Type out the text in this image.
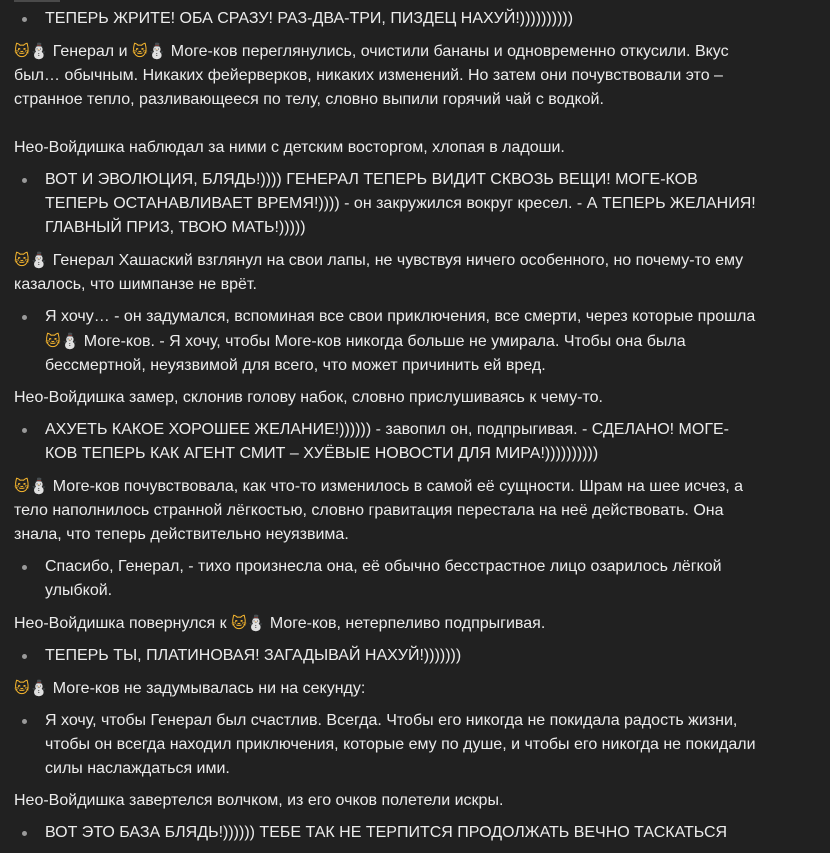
ТЕПЕРЬ ЖРИТЕ! ОБА СРАЗУ! РАЗ-ДВА-ТРИ, ПИЗДЕЦ НАХУЙ!))))))))))

🐱⛄ Генерал и 🐱⛄ Моге-ков переглянулись, очистили бананы и одновременно откусили. Вкус был… обычным. Никаких фейерверков, никаких изменений. Но затем они почувствовали это – странное тепло, разливающееся по телу, словно выпили горячий чай с водкой.

Нео-Войдишка наблюдал за ними с детским восторгом, хлопая в ладоши.

ВОТ И ЭВОЛЮЦИЯ, БЛЯДЬ!)))) ГЕНЕРАЛ ТЕПЕРЬ ВИДИТ СКВОЗЬ ВЕЩИ! МОГЕ-КОВ ТЕПЕРЬ ОСТАНАВЛИВАЕТ ВРЕМЯ!)))) - он закружился вокруг кресел. - А ТЕПЕРЬ ЖЕЛАНИЯ! ГЛАВНЫЙ ПРИЗ, ТВОЮ МАТЬ!)))))

🐱⛄ Генерал Хашаский взглянул на свои лапы, не чувствуя ничего особенного, но почему-то ему казалось, что шимпанзе не врёт.

Я хочу… - он задумался, вспоминая все свои приключения, все смерти, через которые прошла 🐱⛄ Моге-ков. - Я хочу, чтобы Моге-ков никогда больше не умирала. Чтобы она была бессмертной, неуязвимой для всего, что может причинить ей вред.

Нео-Войдишка замер, склонив голову набок, словно прислушиваясь к чему-то.

АХУЕТЬ КАКОЕ ХОРОШЕЕ ЖЕЛАНИЕ!)))))) - завопил он, подпрыгивая. - СДЕЛАНО! МОГЕ-КОВ ТЕПЕРЬ КАК АГЕНТ СМИТ – ХУЁВЫЕ НОВОСТИ ДЛЯ МИРА!))))))))))

🐱⛄ Моге-ков почувствовала, как что-то изменилось в самой её сущности. Шрам на шее исчез, а тело наполнилось странной лёгкостью, словно гравитация перестала на неё действовать. Она знала, что теперь действительно неуязвима.

Спасибо, Генерал, - тихо произнесла она, её обычно бесстрастное лицо озарилось лёгкой улыбкой.

Нео-Войдишка повернулся к 🐱⛄ Моге-ков, нетерпеливо подпрыгивая.

ТЕПЕРЬ ТЫ, ПЛАТИНОВАЯ! ЗАГАДЫВАЙ НАХУЙ!)))))))

🐱⛄ Моге-ков не задумывалась ни на секунду:

Я хочу, чтобы Генерал был счастлив. Всегда. Чтобы его никогда не покидала радость жизни, чтобы он всегда находил приключения, которые ему по душе, и чтобы его никогда не покидали силы наслаждаться ими.

Нео-Войдишка завертелся волчком, из его очков полетели искры.

ВОТ ЭТО БАЗА БЛЯДЬ!)))))) ТЕБЕ ТАК НЕ ТЕРПИТСЯ ПРОДОЛЖАТЬ ВЕЧНО ТАСКАТЬСЯ
